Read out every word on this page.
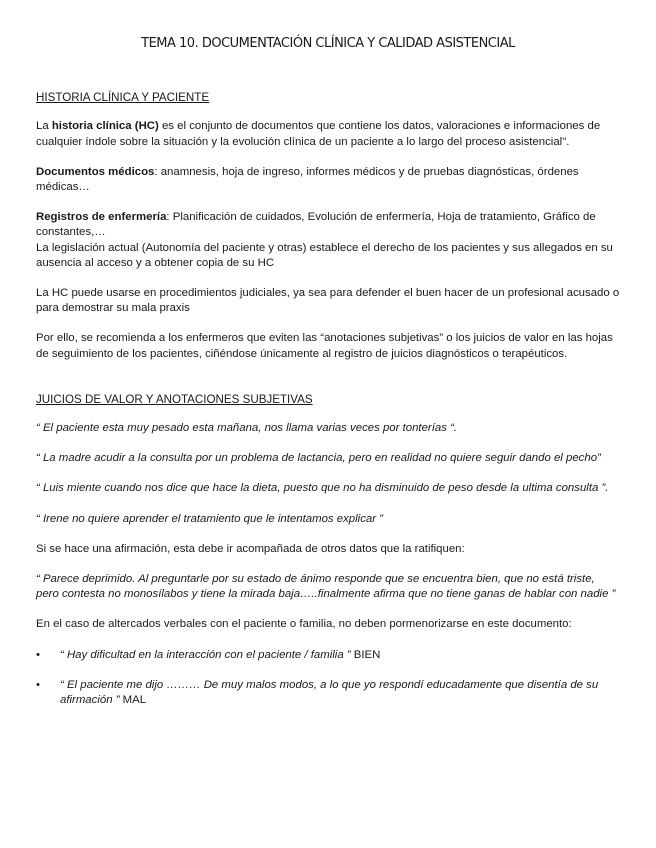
TEMA 10. DOCUMENTACIÓN CLÍNICA Y CALIDAD ASISTENCIAL
HISTORIA CLÍNICA Y PACIENTE

La historia clínica (HC) es el conjunto de documentos que contiene los datos, valoraciones e informaciones de cualquier índole sobre la situación y la evolución clínica de un paciente a lo largo del proceso asistencial".

Documentos médicos: anamnesis, hoja de ingreso, informes médicos y de pruebas diagnósticas, órdenes médicas…

Registros de enfermería: Planificación de cuidados, Evolución de enfermería, Hoja de tratamiento, Gráfico de constantes,…

La legislación actual (Autonomía del paciente y otras) establece el derecho de los pacientes y sus allegados en su ausencia al acceso y a obtener copia de su HC

La HC puede usarse en procedimientos judiciales, ya sea para defender el buen hacer de un profesional acusado o para demostrar su mala praxis

Por ello, se recomienda a los enfermeros que eviten las “anotaciones subjetivas” o los juicios de valor en las hojas de seguimiento de los pacientes, ciñéndose únicamente al registro de juicios diagnósticos o terapéuticos.

JUICIOS DE VALOR Y ANOTACIONES SUBJETIVAS

“ El paciente esta muy pesado esta mañana, nos llama varias veces por tonterías “.

“ La madre acudir a la consulta por un problema de lactancia, pero en realidad no quiere seguir dando el pecho”

“ Luis miente cuando nos dice que hace la dieta, puesto que no ha disminuido de peso desde la ultima consulta ”.

“ Irene no quiere aprender el tratamiento que le intentamos explicar ”

Si se hace una afirmación, esta debe ir acompañada de otros datos que la ratifiquen:

“ Parece deprimido. Al preguntarle por su estado de ánimo responde que se encuentra bien, que no está triste, pero contesta no monosílabos y tiene la mirada baja…..finalmente afirma que no tiene ganas de hablar con nadie ”

En el caso de altercados verbales con el paciente o familia, no deben pormenorizarse en este documento:

• “ Hay dificultad en la interacción con el paciente / familia ” BIEN
• “ El paciente me dijo ……… De muy malos modos, a lo que yo respondí educadamente que disentía de su afirmación ” MAL
